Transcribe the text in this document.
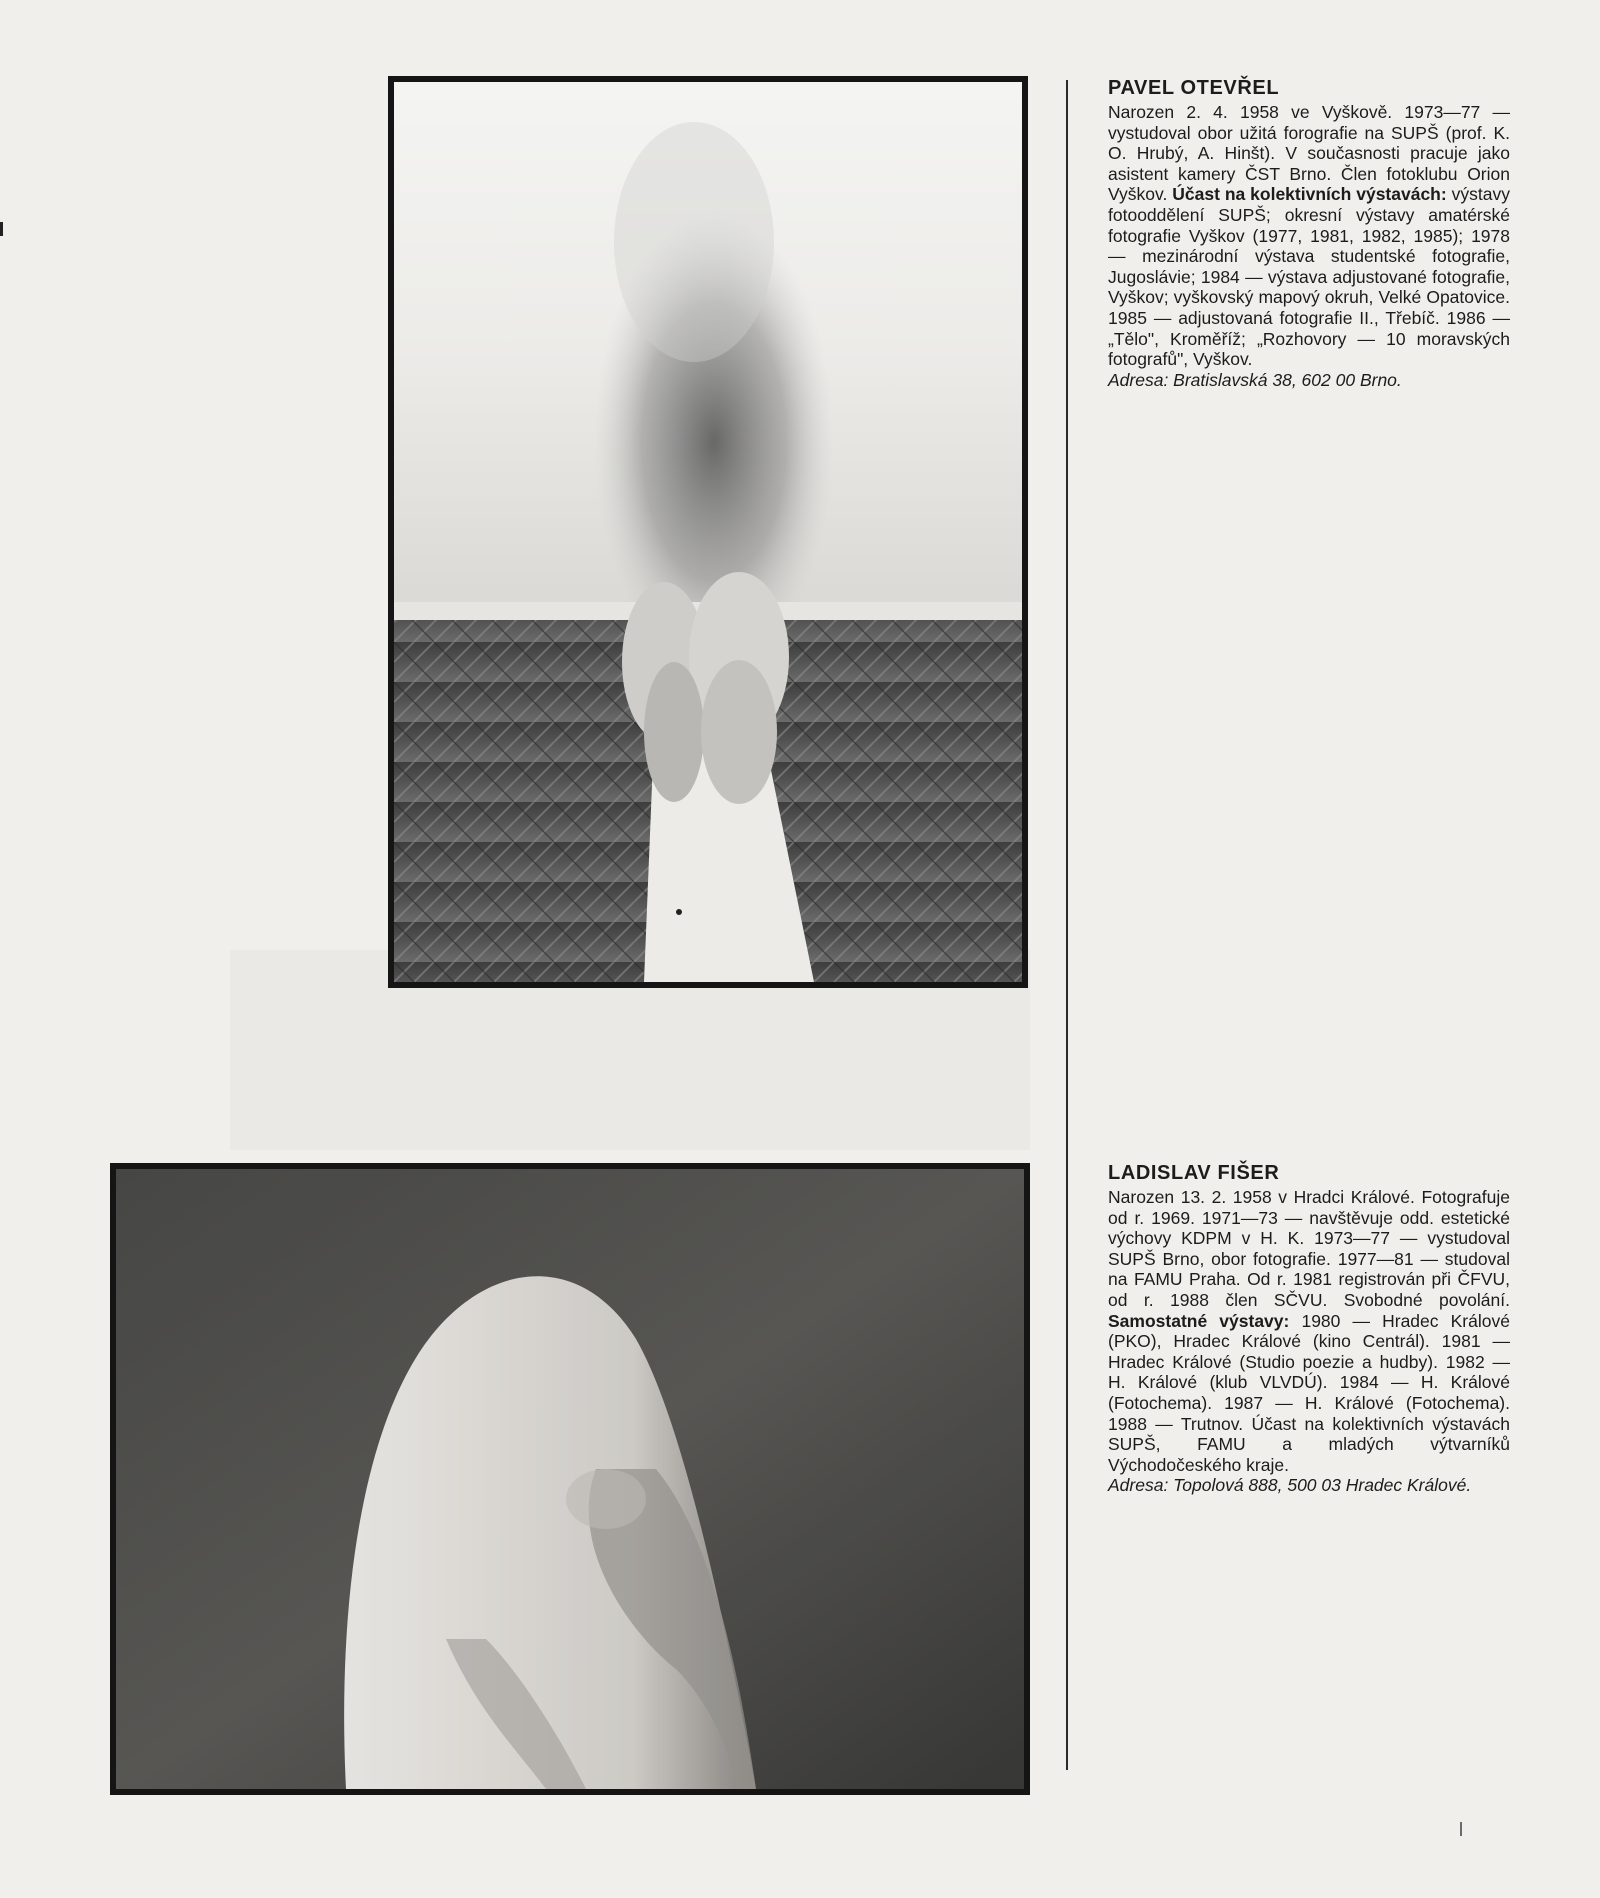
PAVEL OTEVŘEL

Narozen 2. 4. 1958 ve Vyškově. 1973—77 — vystudoval obor užitá forografie na SUPŠ (prof. K. O. Hrubý, A. Hinšt). V současnosti pracuje jako asistent kamery ČST Brno. Člen fotoklubu Orion Vyškov. Účast na kolektivních výstavách: výstavy fotooddělení SUPŠ; okresní výstavy amatérské fotografie Vyškov (1977, 1981, 1982, 1985); 1978 — mezinárodní výstava studentské fotografie, Jugoslávie; 1984 — výstava adjustované fotografie, Vyškov; vyškovský mapový okruh, Velké Opatovice. 1985 — adjustovaná fotografie II., Třebíč. 1986 — „Tělo", Kroměříž; „Rozhovory — 10 moravských fotografů", Vyškov.

Adresa: Bratislavská 38, 602 00 Brno.

LADISLAV FIŠER

Narozen 13. 2. 1958 v Hradci Králové. Fotografuje od r. 1969. 1971—73 — navštěvuje odd. estetické výchovy KDPM v H. K. 1973—77 — vystudoval SUPŠ Brno, obor fotografie. 1977—81 — studoval na FAMU Praha. Od r. 1981 registrován při ČFVU, od r. 1988 člen SČVU. Svobodné povolání. Samostatné výstavy: 1980 — Hradec Králové (PKO), Hradec Králové (kino Centrál). 1981 — Hradec Králové (Studio poezie a hudby). 1982 — H. Králové (klub VLVDÚ). 1984 — H. Králové (Fotochema). 1987 — H. Králové (Fotochema). 1988 — Trutnov. Účast na kolektivních výstavách SUPŠ, FAMU a mladých výtvarníků Východočeského kraje.

Adresa: Topolová 888, 500 03 Hradec Králové.
